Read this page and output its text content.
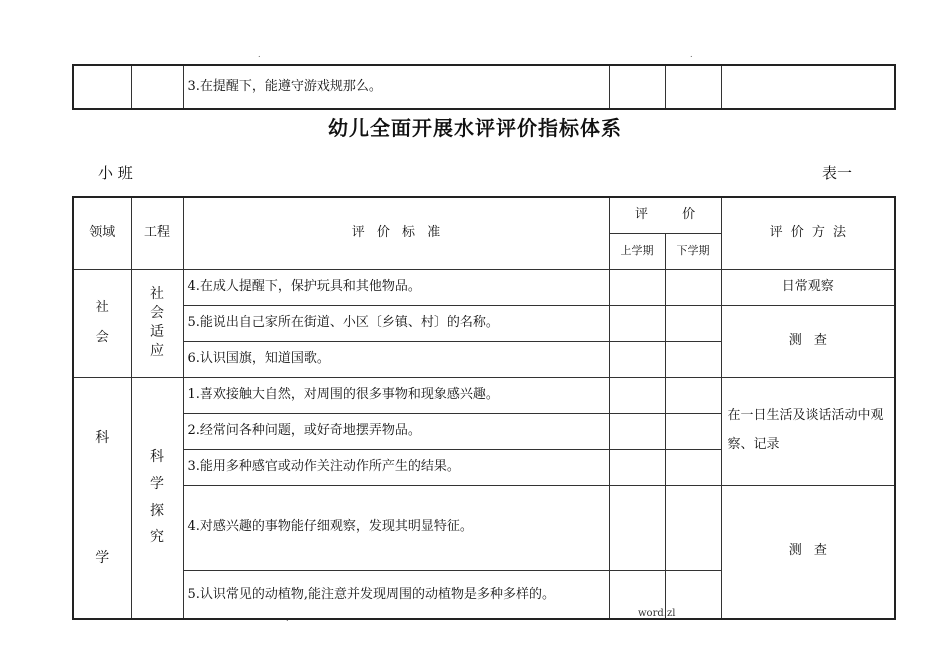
.	.
		3.在提醒下，能遵守游戏规那么。			
幼儿全面开展水评评价指标体系
小 班	表一
领域	工程	评 价 标 准	评 价		评 价 方 法
			上学期	下学期	

社会	社会适应	4.在成人提醒下，保护玩具和其他物品。			日常观察
		5.能说出自己家所在街道、小区〔乡镇、村〕的名称。			测 查
		6.认识国旗，知道国歌。			

科学	科学探究	1.喜欢接触大自然，对周围的很多事物和现象感兴趣。			在一日生活及谈话活动中观察、记录
		2.经常问各种问题，或好奇地摆弄物品。			
		3.能用多种感官或动作关注动作所产生的结果。			
		4.对感兴趣的事物能仔细观察，发现其明显特征。			测 查
		5.认识常见的动植物,能注意并发现周围的动植物是多种多样的。			
.	word.zl
